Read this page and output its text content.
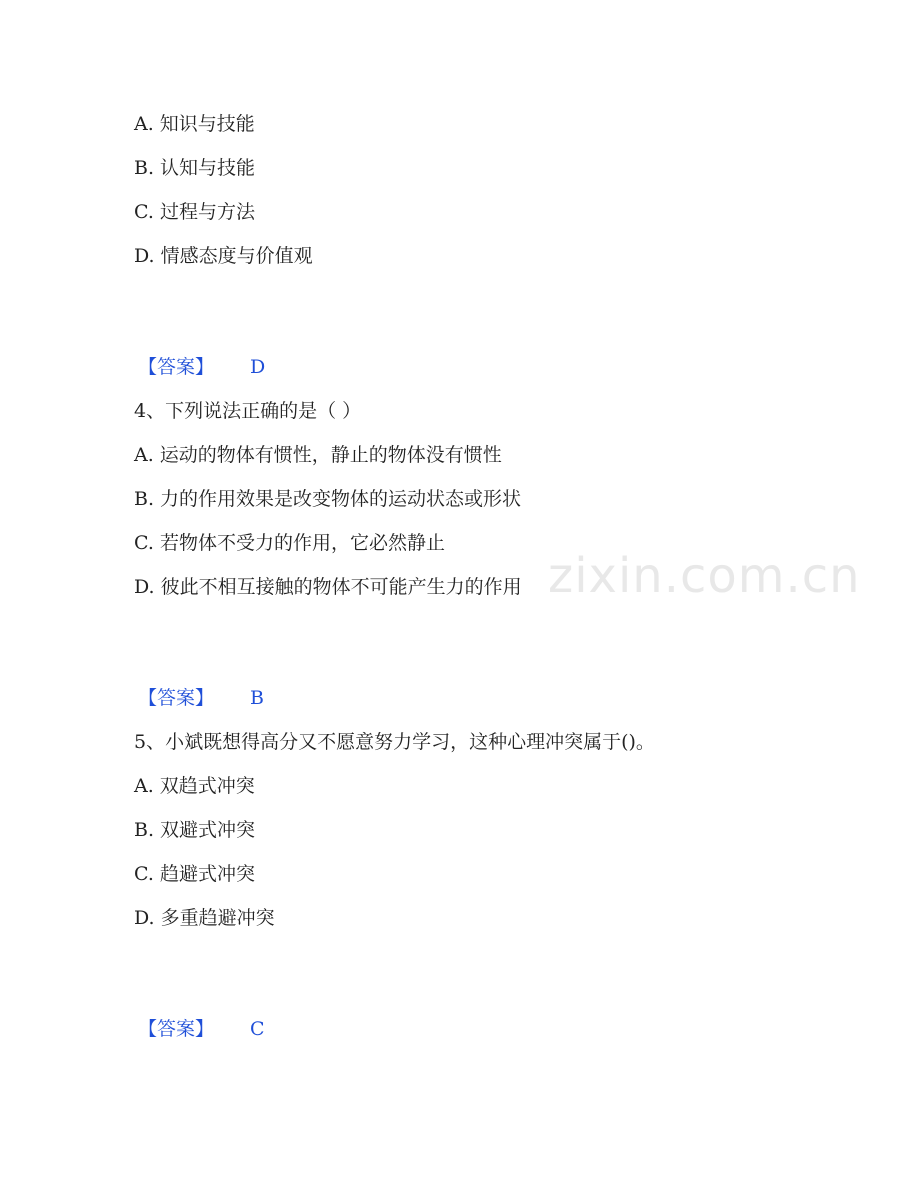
A. 知识与技能
B. 认知与技能
C. 过程与方法
D. 情感态度与价值观
【答案】 D
4、下列说法正确的是（ ）
A. 运动的物体有惯性，静止的物体没有惯性
B. 力的作用效果是改变物体的运动状态或形状
C. 若物体不受力的作用，它必然静止
D. 彼此不相互接触的物体不可能产生力的作用
【答案】 B
5、小斌既想得高分又不愿意努力学习，这种心理冲突属于()。
A. 双趋式冲突
B. 双避式冲突
C. 趋避式冲突
D. 多重趋避冲突
【答案】 C
zixin.com.cn
